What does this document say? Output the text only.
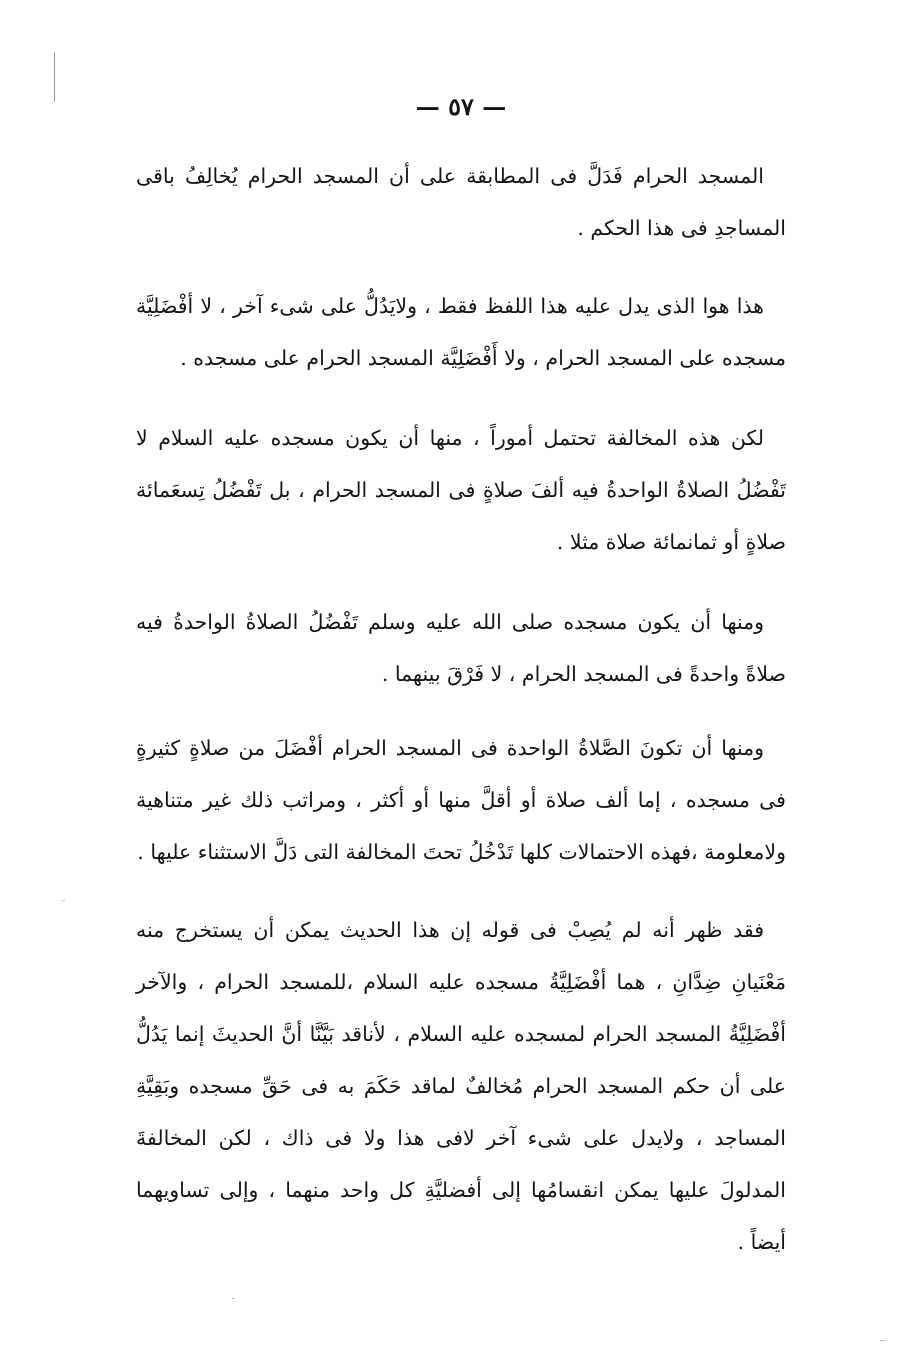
— ٥٧ —

المسجد الحرام فَدَلَّ فى المطابقة على أن المسجد الحرام يُخالِفُ باقى المساجدِ فى هذا الحكم .

هذا هوا الذى يدل عليه هذا اللفظ فقط ، ولايَدُلُّ على شىء آخر ، لا أفْضَلِيَّة مسجده على المسجد الحرام ، ولا أَفْضَلِيَّة المسجد الحرام على مسجده .

لكن هذه المخالفة تحتمل أموراً ، منها أن يكون مسجده عليه السلام لا تَفْضُلُ الصلاةُ الواحدةُ فيه ألفَ صلاةٍ فى المسجد الحرام ، بل تَفْضُلُ تِسعَمائة صلاةٍ أو ثمانمائة صلاة مثلا .

ومنها أن يكون مسجده صلى الله عليه وسلم تَفْضُلُ الصلاةُ الواحدةُ فيه صلاةً واحدةً فى المسجد الحرام ، لا فَرْقَ بينهما .

ومنها أن تكونَ الصَّلاةُ الواحدة فى المسجد الحرام أفْضَلَ من صلاةٍ كثيرةٍ فى مسجده ، إما ألف صلاة أو أقلَّ منها أو أكثر ، ومراتب ذلك غير متناهية ولامعلومة ،فهذه الاحتمالات كلها تَدْخُلُ تحتَ المخالفة التى دَلَّ الاستثناء عليها .

فقد ظهر أنه لم يُصِبْ فى قوله إن هذا الحديث يمكن أن يستخرج منه مَعْنَيانِ ضِدَّانِ ، هما أفْضَلِيَّةُ مسجده عليه السلام ،للمسجد الحرام ، والآخر أفْضَلِيَّةُ المسجد الحرام لمسجده عليه السلام ، لأناقد بَيَّنَّا أنَّ الحديثَ إنما يَدُلُّ على أن حكم المسجد الحرام مُخالفٌ لماقد حَكَمَ به فى حَقِّ مسجده وبَقِيَّةِ المساجد ، ولايدل على شىء آخر لافى هذا ولا فى ذاك ، لكن المخالفةَ المدلولَ عليها يمكن انقسامُها إلى أفضليَّةِ كل واحد منهما ، وإلى تساويهما أيضاً .
